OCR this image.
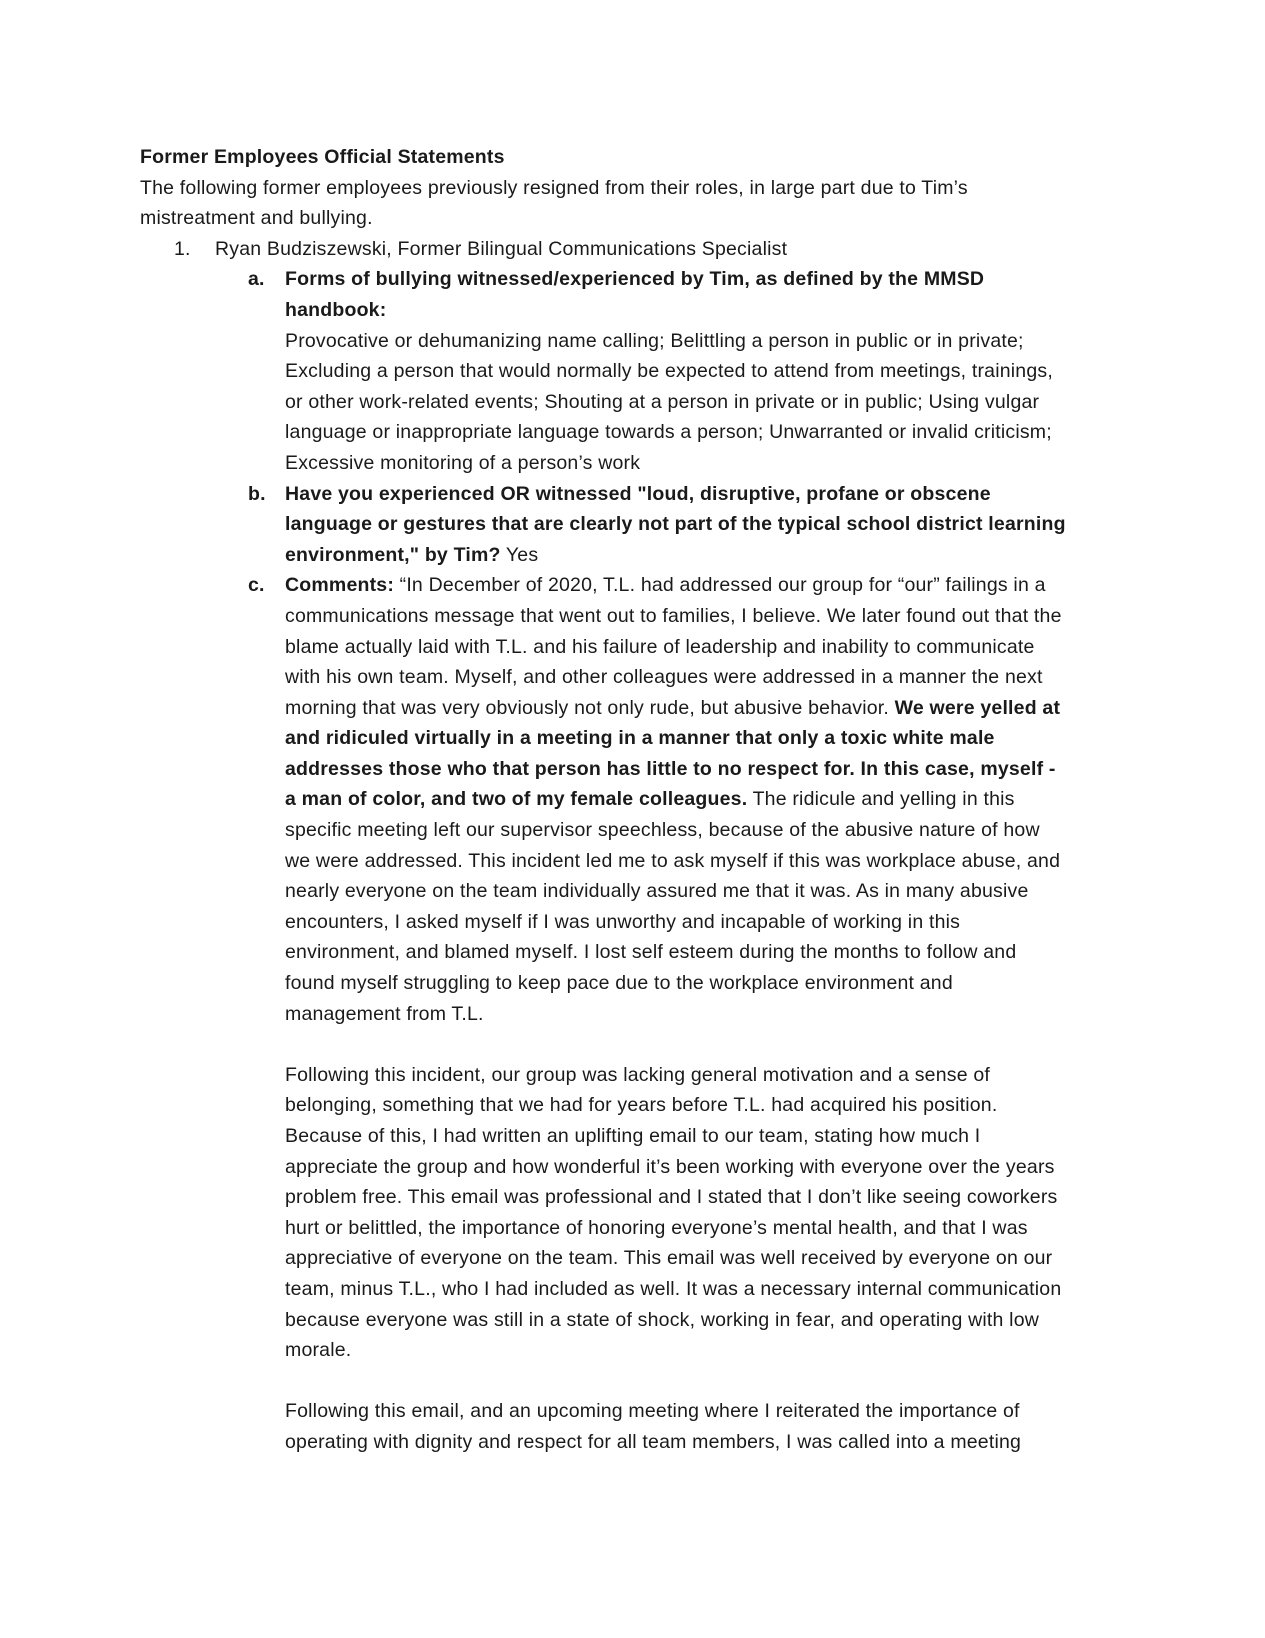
Former Employees Official Statements

The following former employees previously resigned from their roles, in large part due to Tim’s mistreatment and bullying.

1.	Ryan Budziszewski, Former Bilingual Communications Specialist

a.	Forms of bullying witnessed/experienced by Tim, as defined by the MMSD handbook:

Provocative or dehumanizing name calling; Belittling a person in public or in private; Excluding a person that would normally be expected to attend from meetings, trainings, or other work-related events; Shouting at a person in private or in public; Using vulgar language or inappropriate language towards a person; Unwarranted or invalid criticism; Excessive monitoring of a person’s work

b. Have you experienced OR witnessed "loud, disruptive, profane or obscene language or gestures that are clearly not part of the typical school district learning environment," by Tim? Yes

c.	Comments: “In December of 2020, T.L. had addressed our group for “our” failings in a communications message that went out to families, I believe. We later found out that the blame actually laid with T.L. and his failure of leadership and inability to communicate with his own team. Myself, and other colleagues were addressed in a manner the next morning that was very obviously not only rude, but abusive behavior. We were yelled at and ridiculed virtually in a meeting in a manner that only a toxic white male addresses those who that person has little to no respect for. In this case, myself - a man of color, and two of my female colleagues. The ridicule and yelling in this specific meeting left our supervisor speechless, because of the abusive nature of how we were addressed. This incident led me to ask myself if this was workplace abuse, and nearly everyone on the team individually assured me that it was. As in many abusive encounters, I asked myself if I was unworthy and incapable of working in this environment, and blamed myself. I lost self esteem during the months to follow and found myself struggling to keep pace due to the workplace environment and management from T.L.

Following this incident, our group was lacking general motivation and a sense of belonging, something that we had for years before T.L. had acquired his position. Because of this, I had written an uplifting email to our team, stating how much I appreciate the group and how wonderful it’s been working with everyone over the years problem free. This email was professional and I stated that I don’t like seeing coworkers hurt or belittled, the importance of honoring everyone’s mental health, and that I was appreciative of everyone on the team. This email was well received by everyone on our team, minus T.L., who I had included as well. It was a necessary internal communication because everyone was still in a state of shock, working in fear, and operating with low morale.

Following this email, and an upcoming meeting where I reiterated the importance of operating with dignity and respect for all team members, I was called into a meeting
